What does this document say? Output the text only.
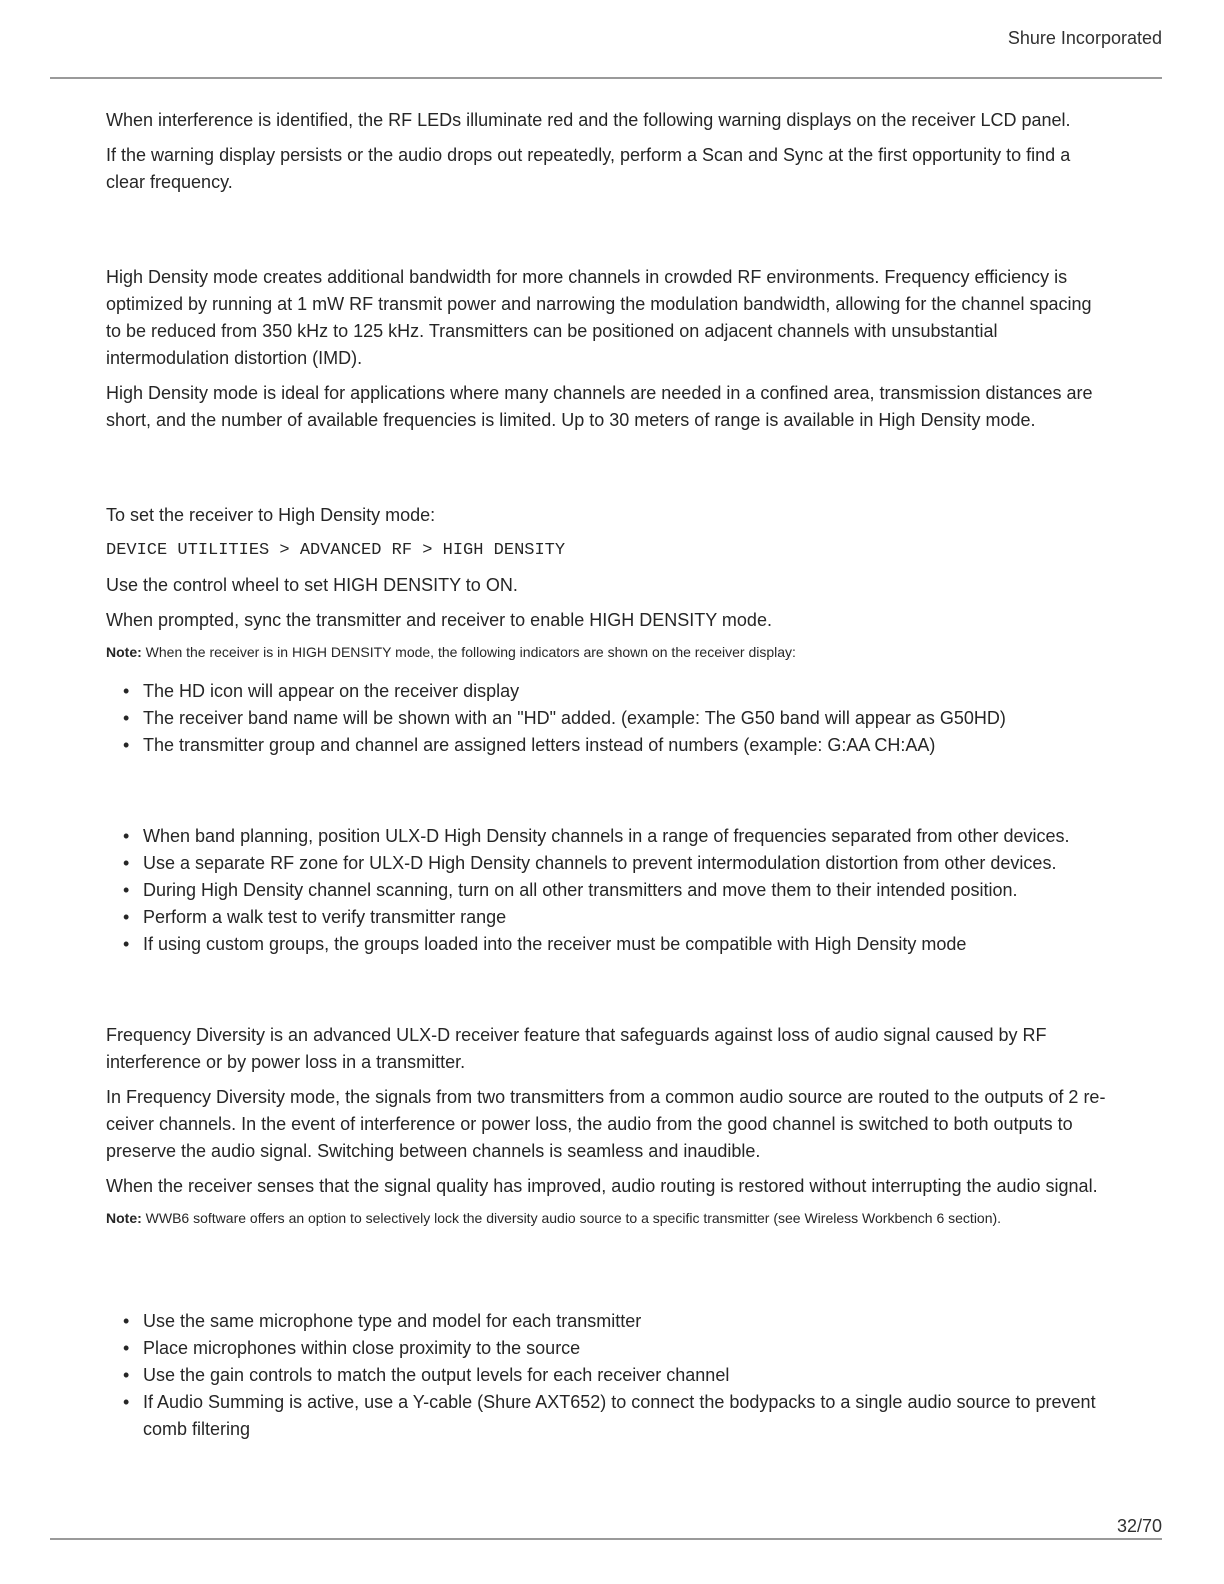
Shure Incorporated

When interference is identified, the RF LEDs illuminate red and the following warning displays on the receiver LCD panel.

If the warning display persists or the audio drops out repeatedly, perform a Scan and Sync at the first opportunity to find a clear frequency.

High Density mode creates additional bandwidth for more channels in crowded RF environments. Frequency efficiency is optimized by running at 1 mW RF transmit power and narrowing the modulation bandwidth, allowing for the channel spacing to be reduced from 350 kHz to 125 kHz. Transmitters can be positioned on adjacent channels with unsubstantial intermodulation distortion (IMD).

High Density mode is ideal for applications where many channels are needed in a confined area, transmission distances are short, and the number of available frequencies is limited. Up to 30 meters of range is available in High Density mode.

To set the receiver to High Density mode:

DEVICE UTILITIES > ADVANCED RF > HIGH DENSITY

Use the control wheel to set HIGH DENSITY to ON.

When prompted, sync the transmitter and receiver to enable HIGH DENSITY mode.

Note: When the receiver is in HIGH DENSITY mode, the following indicators are shown on the receiver display:

• The HD icon will appear on the receiver display
• The receiver band name will be shown with an "HD" added. (example: The G50 band will appear as G50HD)
• The transmitter group and channel are assigned letters instead of numbers (example: G:AA CH:AA)
• When band planning, position ULX-D High Density channels in a range of frequencies separated from other devices.
• Use a separate RF zone for ULX-D High Density channels to prevent intermodulation distortion from other devices.
• During High Density channel scanning, turn on all other transmitters and move them to their intended position.
• Perform a walk test to verify transmitter range
• If using custom groups, the groups loaded into the receiver must be compatible with High Density mode

Frequency Diversity is an advanced ULX-D receiver feature that safeguards against loss of audio signal caused by RF interference or by power loss in a transmitter.

In Frequency Diversity mode, the signals from two transmitters from a common audio source are routed to the outputs of 2 receiver channels. In the event of interference or power loss, the audio from the good channel is switched to both outputs to preserve the audio signal. Switching between channels is seamless and inaudible.

When the receiver senses that the signal quality has improved, audio routing is restored without interrupting the audio signal.

Note: WWB6 software offers an option to selectively lock the diversity audio source to a specific transmitter (see Wireless Workbench 6 section).

• Use the same microphone type and model for each transmitter
• Place microphones within close proximity to the source
• Use the gain controls to match the output levels for each receiver channel
• If Audio Summing is active, use a Y-cable (Shure AXT652) to connect the bodypacks to a single audio source to prevent comb filtering
32/70
